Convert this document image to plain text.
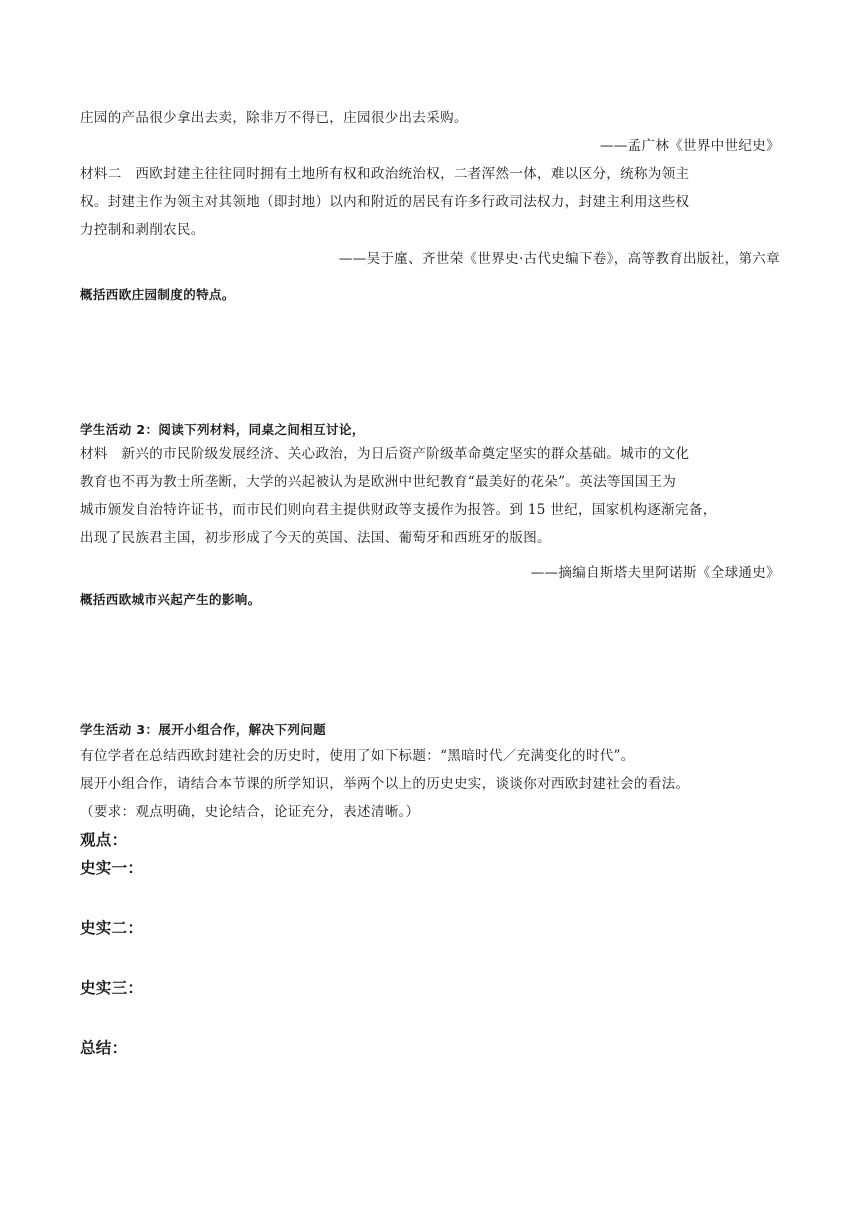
庄园的产品很少拿出去卖，除非万不得已，庄园很少出去采购。
——孟广林《世界中世纪史》
材料二　西欧封建主往往同时拥有土地所有权和政治统治权，二者浑然一体，难以区分，统称为领主
权。封建主作为领主对其领地（即封地）以内和附近的居民有许多行政司法权力，封建主利用这些权
力控制和剥削农民。
——吴于廑、齐世荣《世界史·古代史编下卷》，高等教育出版社，第六章
概括西欧庄园制度的特点。
学生活动 2：阅读下列材料，同桌之间相互讨论，
材料　新兴的市民阶级发展经济、关心政治，为日后资产阶级革命奠定坚实的群众基础。城市的文化
教育也不再为教士所垄断，大学的兴起被认为是欧洲中世纪教育“最美好的花朵”。英法等国国王为
城市颁发自治特许证书，而市民们则向君主提供财政等支援作为报答。到 15 世纪，国家机构逐渐完备，
出现了民族君主国，初步形成了今天的英国、法国、葡萄牙和西班牙的版图。
——摘编自斯塔夫里阿诺斯《全球通史》
概括西欧城市兴起产生的影响。
学生活动 3：展开小组合作，解决下列问题
有位学者在总结西欧封建社会的历史时，使用了如下标题：“黑暗时代／充满变化的时代”。
展开小组合作，请结合本节课的所学知识，举两个以上的历史史实，谈谈你对西欧封建社会的看法。
（要求：观点明确，史论结合，论证充分，表述清晰。）
观点：
史实一：
史实二：
史实三：
总结：
